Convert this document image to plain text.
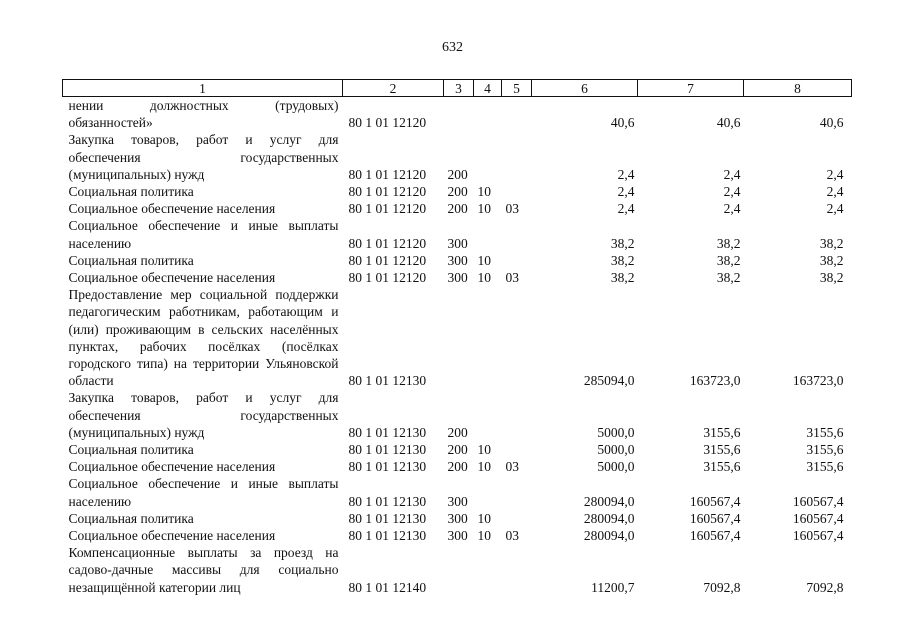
632
1	2	3	4	5	6	7	8
нении должностных (трудовых) обязанностей»	80 1 01 12120				40,6	40,6	40,6
Закупка товаров, работ и услуг для обеспечения государственных (муниципальных) нужд	80 1 01 12120	200			2,4	2,4	2,4
Социальная политика	80 1 01 12120	200	10		2,4	2,4	2,4
Социальное обеспечение населения	80 1 01 12120	200	10	03	2,4	2,4	2,4
Социальное обеспечение и иные выплаты населению	80 1 01 12120	300			38,2	38,2	38,2
Социальная политика	80 1 01 12120	300	10		38,2	38,2	38,2
Социальное обеспечение населения	80 1 01 12120	300	10	03	38,2	38,2	38,2
Предоставление мер социальной поддержки педагогическим работникам, работающим и (или) проживающим в сельских населённых пунктах, рабочих посёлках (посёлках городского типа) на территории Ульяновской области	80 1 01 12130				285094,0	163723,0	163723,0
Закупка товаров, работ и услуг для обеспечения государственных (муниципальных) нужд	80 1 01 12130	200			5000,0	3155,6	3155,6
Социальная политика	80 1 01 12130	200	10		5000,0	3155,6	3155,6
Социальное обеспечение населения	80 1 01 12130	200	10	03	5000,0	3155,6	3155,6
Социальное обеспечение и иные выплаты населению	80 1 01 12130	300			280094,0	160567,4	160567,4
Социальная политика	80 1 01 12130	300	10		280094,0	160567,4	160567,4
Социальное обеспечение населения	80 1 01 12130	300	10	03	280094,0	160567,4	160567,4
Компенсационные выплаты за проезд на садово-дачные массивы для социально незащищённой категории лиц	80 1 01 12140				11200,7	7092,8	7092,8
